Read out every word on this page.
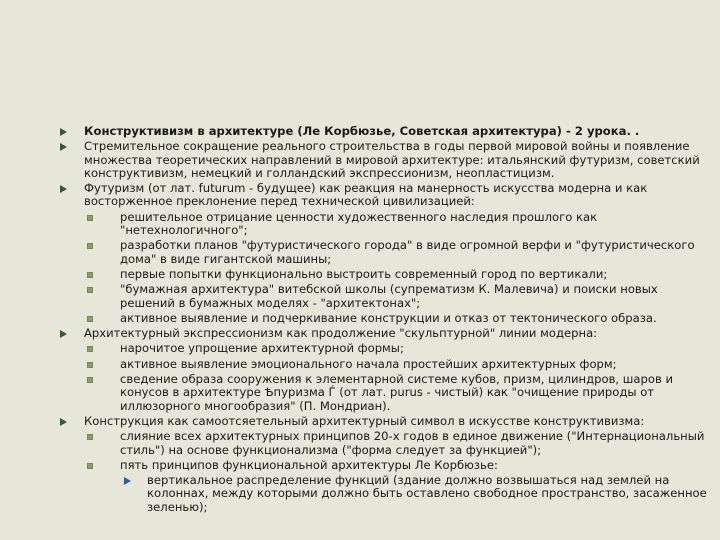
Конструктивизм в архитектуре (Ле Корбюзье, Советская архитектура) - 2 урока. .
Стремительное сокращение реального строительства в годы первой мировой войны и появление множества теоретических направлений в мировой архитектуре: итальянский футуризм, советский конструктивизм, немецкий и голландский экспрессионизм, неопластицизм.
Футуризм (от лат. futurum - будущее) как реакция на манерность искусства модерна и как восторженное преклонение перед технической цивилизацией:
решительное отрицание ценности художественного наследия прошлого как "нетехнологичного";
разработки планов "футуристического города" в виде огромной верфи и "футуристического дома" в виде гигантской машины;
первые попытки функционально выстроить современный город по вертикали;
"бумажная архитектура" витебской школы (супрематизм К. Малевича) и поиски новых решений в бумажных моделях - "архитектонах";
активное выявление и подчеркивание конструкции и отказ от тектонического образа.
Архитектурный экспрессионизм как продолжение "скульптурной" линии модерна:
нарочитое упрощение архитектурной формы;
активное выявление эмоционального начала простейших архитектурных форм;
сведение образа сооружения к элементарной системе кубов, призм, цилиндров, шаров и конусов в архитектуре Ѣпуризма Ѓ (от лат. purus - чистый) как "очищение природы от иллюзорного многообразия" (П. Мондриан).
Конструкция как самоотсяетельный архитектурный символ в искусстве конструктивизма:
слияние всех архитектурных принципов 20-х годов в единое движение ("Интернациональный стиль") на основе функционализма ("форма следует за функцией");
пять принципов функциональной архитектуры Ле Корбюзье:
вертикальное распределение функций (здание должно возвышаться над землей на колоннах, между которыми должно быть оставлено свободное пространство, засаженное зеленью);
